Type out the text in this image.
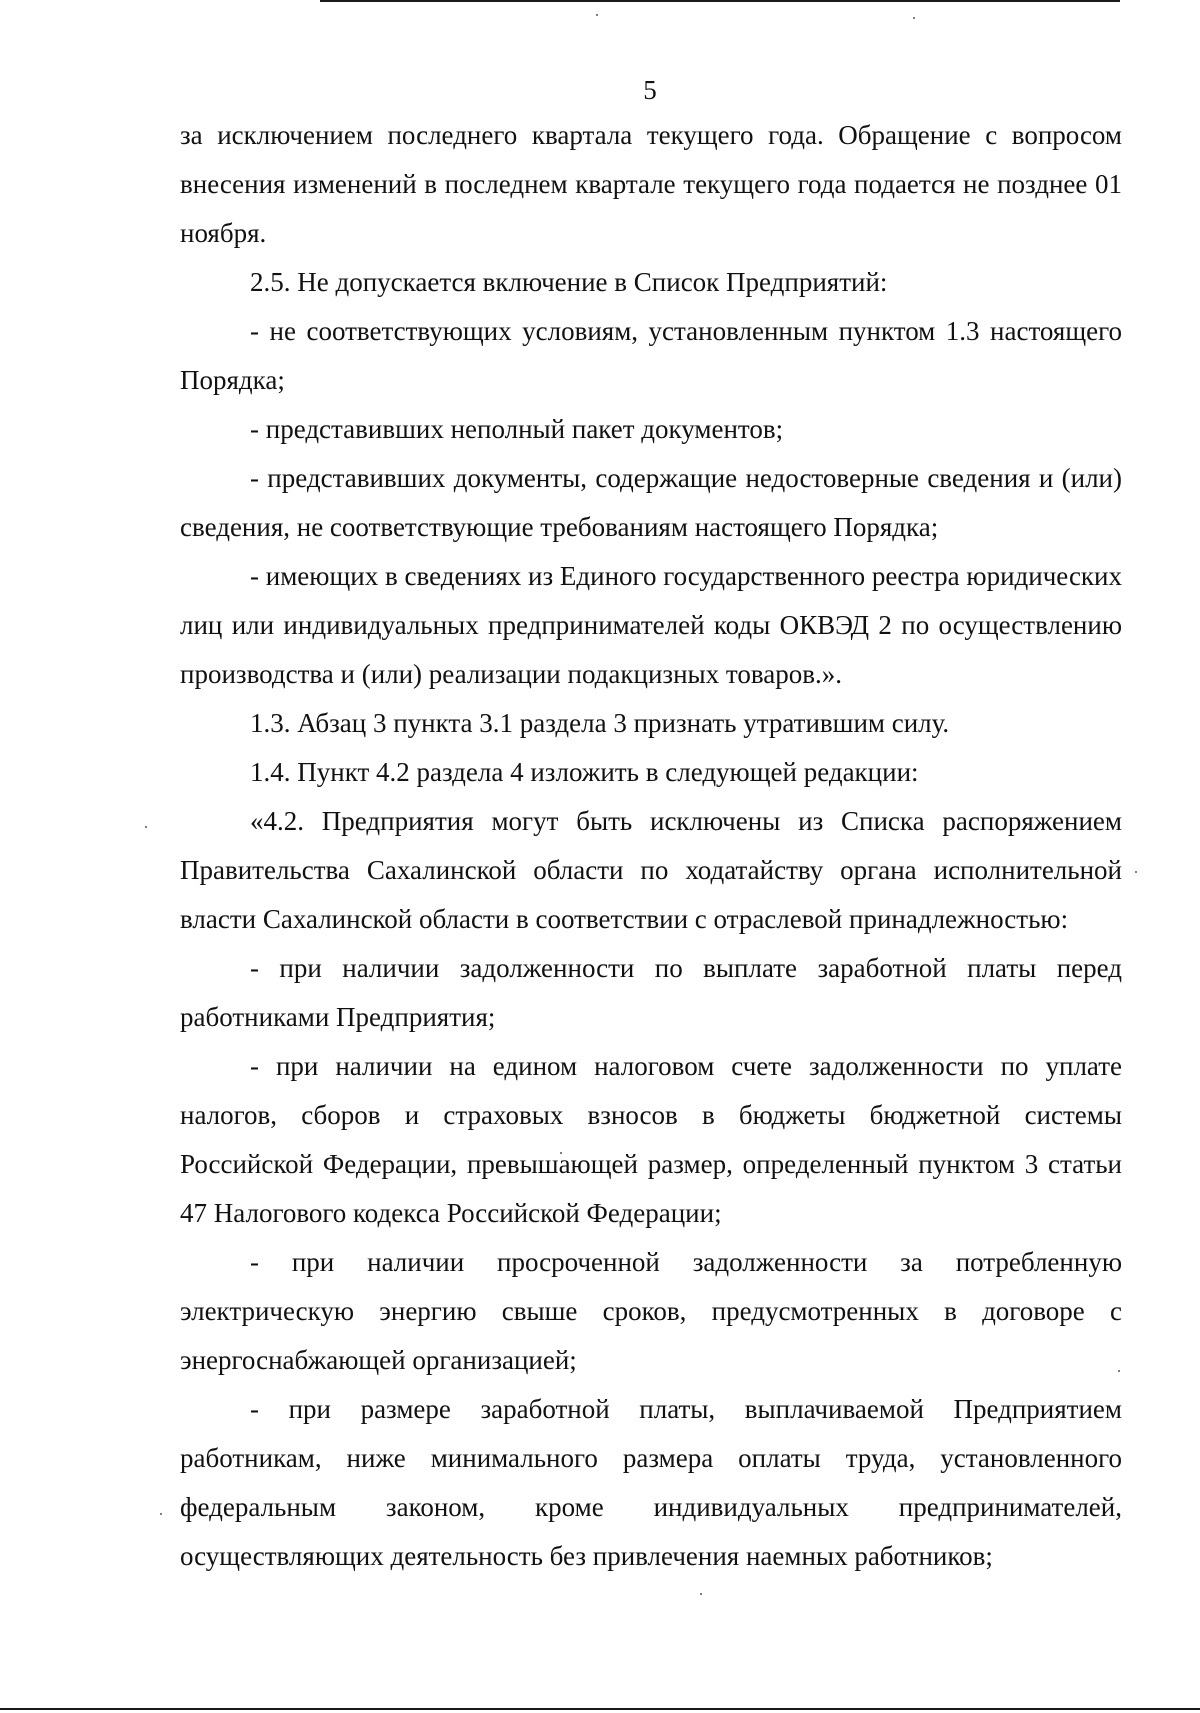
5

за исключением последнего квартала текущего года. Обращение с вопросом внесения изменений в последнем квартале текущего года подается не позднее 01 ноября.

2.5. Не допускается включение в Список Предприятий:

- не соответствующих условиям, установленным пунктом 1.3 настоящего Порядка;

- представивших неполный пакет документов;

- представивших документы, содержащие недостоверные сведения и (или) сведения, не соответствующие требованиям настоящего Порядка;

- имеющих в сведениях из Единого государственного реестра юридических лиц или индивидуальных предпринимателей коды ОКВЭД 2 по осуществлению производства и (или) реализации подакцизных товаров.».

1.3. Абзац 3 пункта 3.1 раздела 3 признать утратившим силу.

1.4. Пункт 4.2 раздела 4 изложить в следующей редакции:

«4.2. Предприятия могут быть исключены из Списка распоряжением Правительства Сахалинской области по ходатайству органа исполнительной власти Сахалинской области в соответствии с отраслевой принадлежностью:

- при наличии задолженности по выплате заработной платы перед работниками Предприятия;

- при наличии на едином налоговом счете задолженности по уплате налогов, сборов и страховых взносов в бюджеты бюджетной системы Российской Федерации, превышающей размер, определенный пунктом 3 статьи 47 Налогового кодекса Российской Федерации;

- при наличии просроченной задолженности за потребленную электрическую энергию свыше сроков, предусмотренных в договоре с энергоснабжающей организацией;

- при размере заработной платы, выплачиваемой Предприятием работникам, ниже минимального размера оплаты труда, установленного федеральным законом, кроме индивидуальных предпринимателей, осуществляющих деятельность без привлечения наемных работников;
